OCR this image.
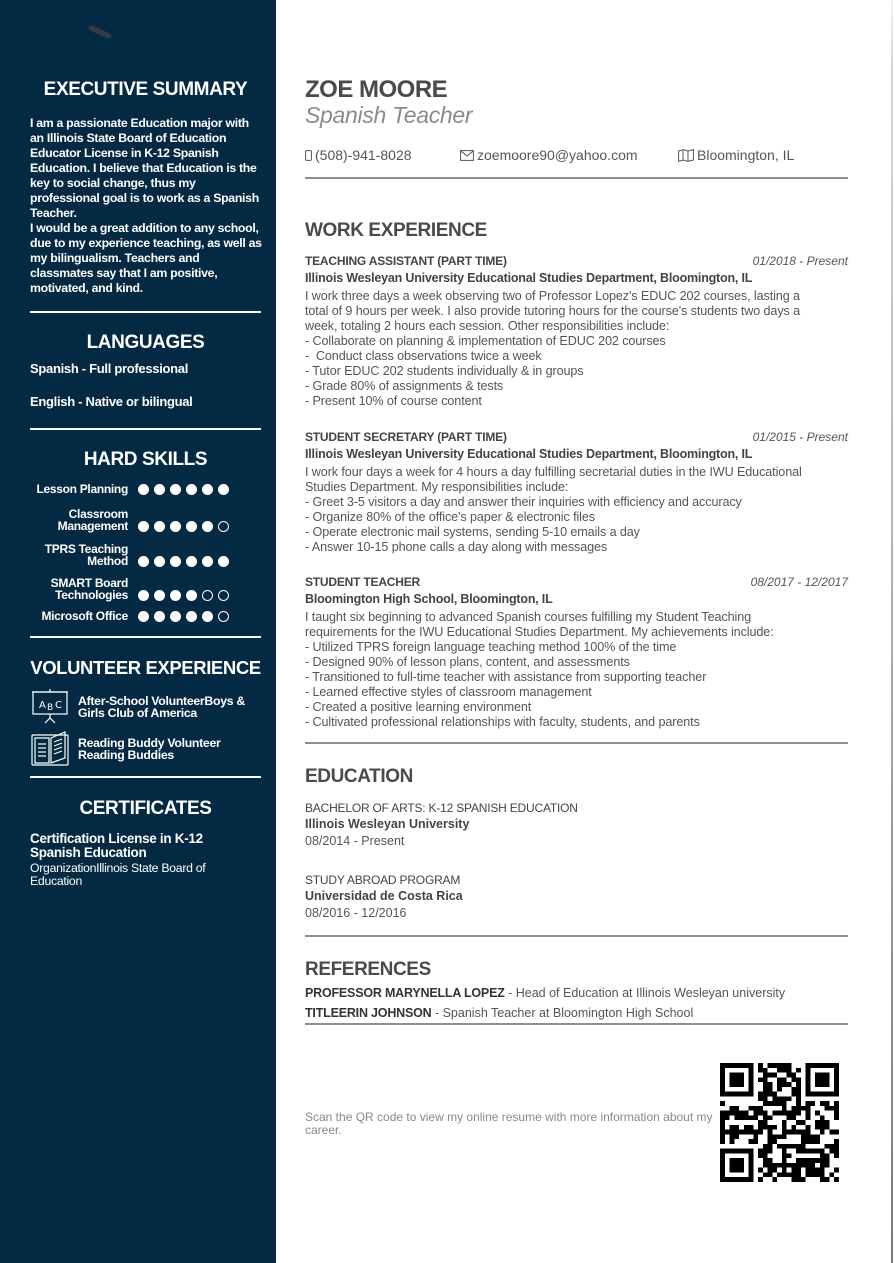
EXECUTIVE SUMMARY

I am a passionate Education major with an Illinois State Board of Education Educator License in K-12 Spanish Education. I believe that Education is the key to social change, thus my professional goal is to work as a Spanish Teacher.

I would be a great addition to any school, due to my experience teaching, as well as my bilingualism. Teachers and classmates say that I am positive, motivated, and kind.

LANGUAGES
Spanish - Full professional
English - Native or bilingual
HARD SKILLS
Lesson Planning
Classroom Management
TPRS Teaching Method
SMART Board Technologies
Microsoft Office
VOLUNTEER EXPERIENCE
A B C After-School VolunteerBoys & Girls Club of America
Reading Buddy Volunteer Reading Buddies
CERTIFICATES
Certification License in K-12 Spanish Education
OrganizationIllinois State Board of Education
ZOE MOORE
Spanish Teacher
(508)-941-8028	zoemoore90@yahoo.com	Bloomington, IL
WORK EXPERIENCE
TEACHING ASSISTANT (PART TIME)	01/2018 - Present
Illinois Wesleyan University Educational Studies Department, Bloomington, IL
I work three days a week observing two of Professor Lopez's EDUC 202 courses, lasting a
total of 9 hours per week. I also provide tutoring hours for the course's students two days a
week, totaling 2 hours each session. Other responsibilities include:
- Collaborate on planning & implementation of EDUC 202 courses
-  Conduct class observations twice a week
- Tutor EDUC 202 students individually & in groups
- Grade 80% of assignments & tests
- Present 10% of course content
STUDENT SECRETARY (PART TIME)	01/2015 - Present
Illinois Wesleyan University Educational Studies Department, Bloomington, IL
I work four days a week for 4 hours a day fulfilling secretarial duties in the IWU Educational
Studies Department. My responsibilities include:
- Greet 3-5 visitors a day and answer their inquiries with efficiency and accuracy
- Organize 80% of the office's paper & electronic files
- Operate electronic mail systems, sending 5-10 emails a day
- Answer 10-15 phone calls a day along with messages
STUDENT TEACHER	08/2017 - 12/2017
Bloomington High School, Bloomington, IL
I taught six beginning to advanced Spanish courses fulfilling my Student Teaching
requirements for the IWU Educational Studies Department. My achievements include:
- Utilized TPRS foreign language teaching method 100% of the time
- Designed 90% of lesson plans, content, and assessments
- Transitioned to full-time teacher with assistance from supporting teacher
- Learned effective styles of classroom management
- Created a positive learning environment
- Cultivated professional relationships with faculty, students, and parents
EDUCATION
BACHELOR OF ARTS: K-12 SPANISH EDUCATION
Illinois Wesleyan University
08/2014 - Present
STUDY ABROAD PROGRAM
Universidad de Costa Rica
08/2016 - 12/2016
REFERENCES
PROFESSOR MARYNELLA LOPEZ - Head of Education at Illinois Wesleyan university
TITLEERIN JOHNSON - Spanish Teacher at Bloomington High School
Scan the QR code to view my online resume with more information about my career.
